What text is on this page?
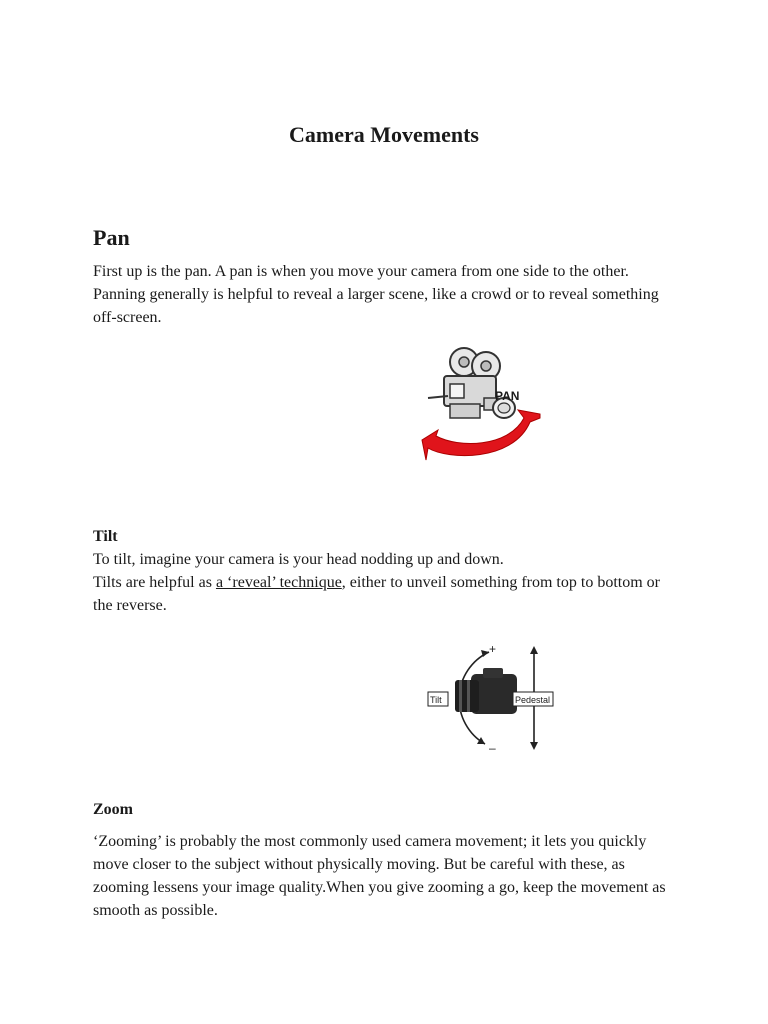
Camera Movements
Pan

First up is the pan. A pan is when you move your camera from one side to the other. Panning generally is helpful to reveal a larger scene, like a crowd or to reveal something off-screen.

PAN
Tilt

To tilt, imagine your camera is your head nodding up and down.
Tilts are helpful as a ‘reveal’ technique, either to unveil something from top to bottom or the reverse.

+
–
Tilt	Pedestal
Zoom

‘Zooming’ is probably the most commonly used camera movement; it lets you quickly move closer to the subject without physically moving. But be careful with these, as zooming lessens your image quality.When you give zooming a go, keep the movement as smooth as possible.
